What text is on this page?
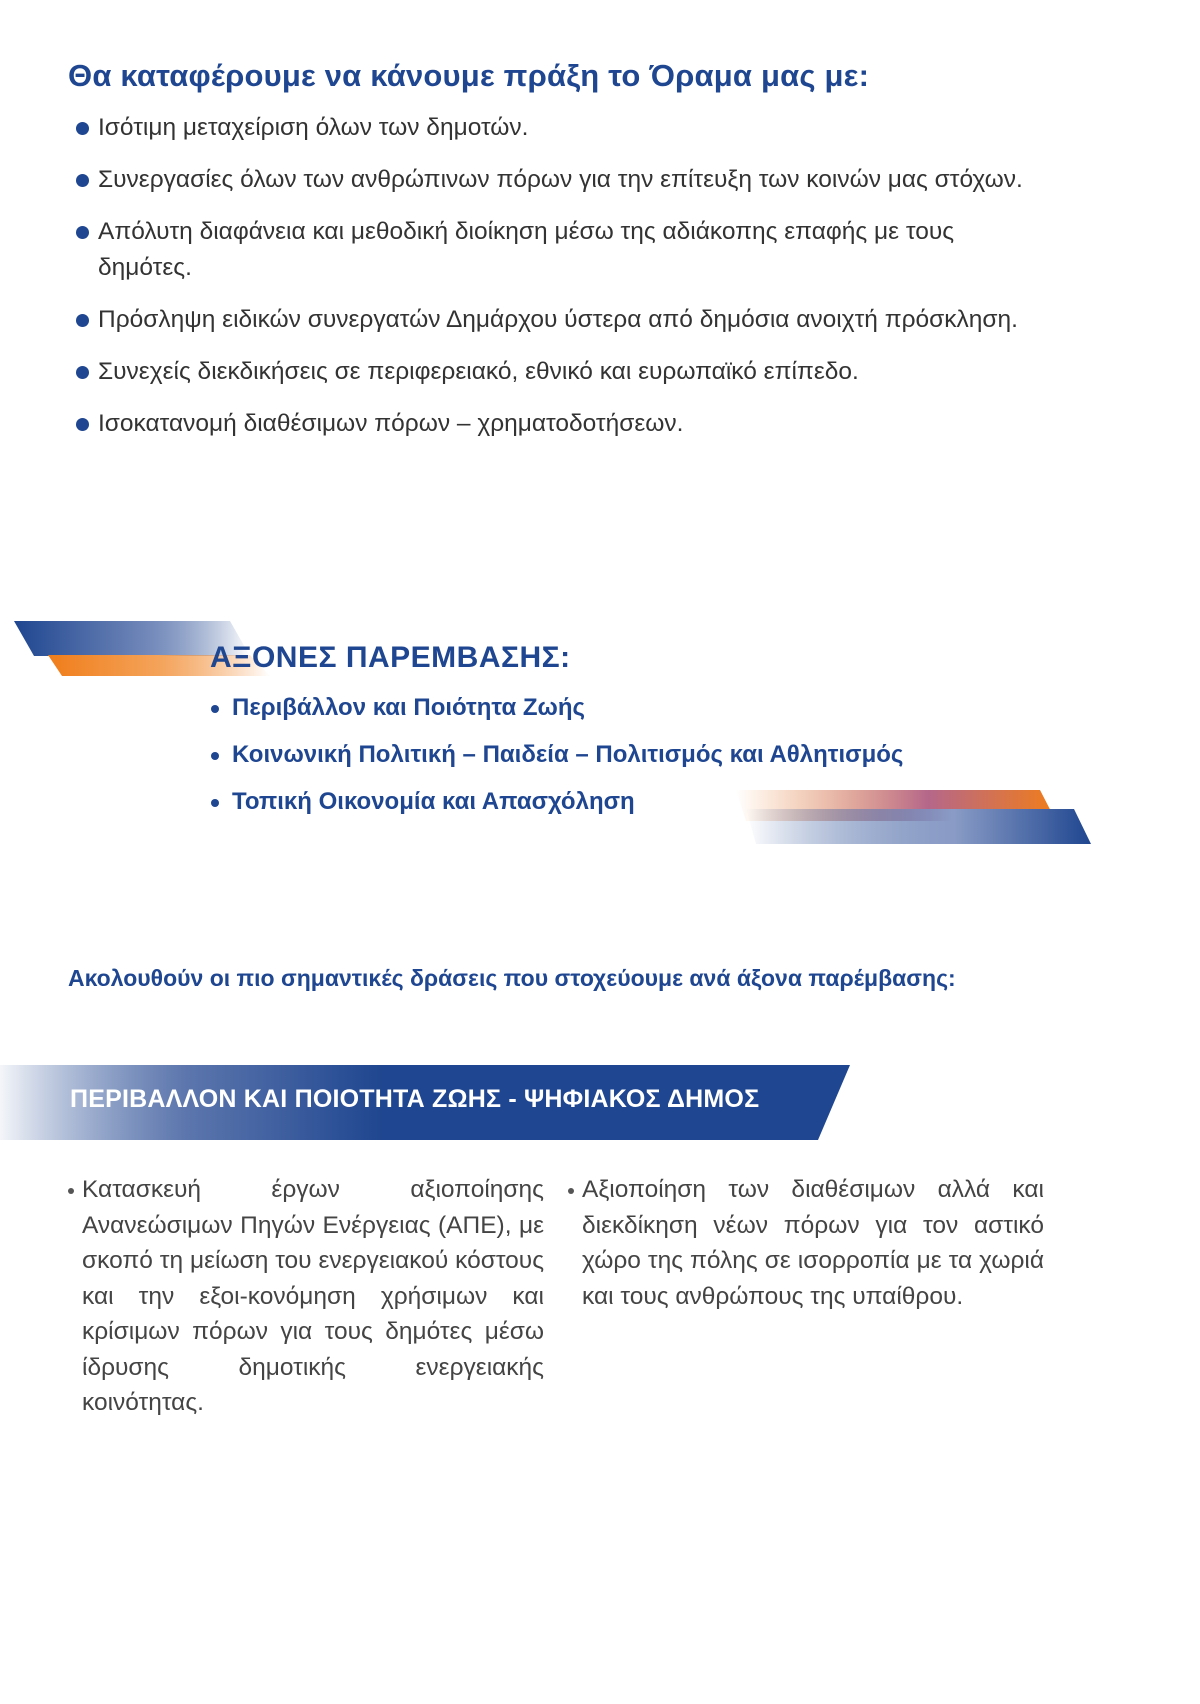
Θα καταφέρουμε να κάνουμε πράξη το Όραμα μας με:
Ισότιμη μεταχείριση όλων των δημοτών.
Συνεργασίες όλων των ανθρώπινων πόρων για την επίτευξη των κοινών μας στόχων.
Απόλυτη διαφάνεια και μεθοδική διοίκηση μέσω της αδιάκοπης επαφής με τους δημότες.
Πρόσληψη ειδικών συνεργατών Δημάρχου ύστερα από δημόσια ανοιχτή πρόσκληση.
Συνεχείς διεκδικήσεις σε περιφερειακό, εθνικό και ευρωπαϊκό επίπεδο.
Ισοκατανομή διαθέσιμων πόρων – χρηματοδοτήσεων.
ΑΞΟΝΕΣ ΠΑΡΕΜΒΑΣΗΣ:
Περιβάλλον και Ποιότητα Ζωής
Κοινωνική Πολιτική – Παιδεία – Πολιτισμός και Αθλητισμός
Τοπική Οικονομία και Απασχόληση

Ακολουθούν οι πιο σημαντικές δράσεις που στοχεύουμε ανά άξονα παρέμβασης:

ΠΕΡΙΒΑΛΛΟΝ ΚΑΙ ΠΟΙΟΤΗΤΑ ΖΩΗΣ - ΨΗΦΙΑΚΟΣ ΔΗΜΟΣ
Κατασκευή έργων αξιοποίησης Ανανεώσιμων Πηγών Ενέργειας (ΑΠΕ), με σκοπό τη μείωση του ενεργειακού κόστους και την εξοι-κονόμηση χρήσιμων και κρίσιμων πόρων για τους δημότες μέσω ίδρυσης δημοτικής ενεργειακής κοινότητας.
Αξιοποίηση των διαθέσιμων αλλά και διεκδίκηση νέων πόρων για τον αστικό χώρο της πόλης σε ισορροπία με τα χωριά και τους ανθρώπους της υπαίθρου.
